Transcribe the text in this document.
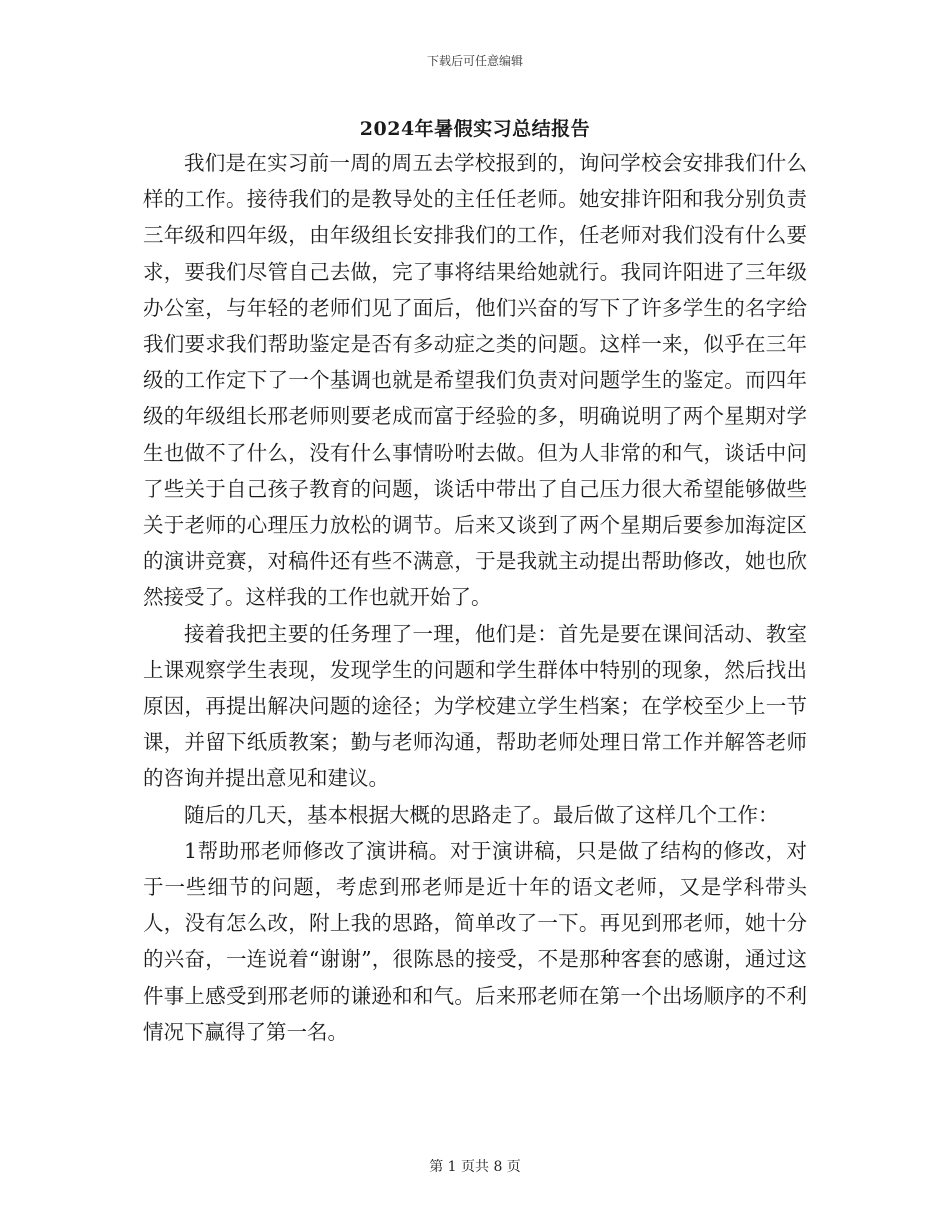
下载后可任意编辑
2024年暑假实习总结报告

我们是在实习前一周的周五去学校报到的，询问学校会安排我们什么样的工作。接待我们的是教导处的主任任老师。她安排许阳和我分别负责三年级和四年级，由年级组长安排我们的工作，任老师对我们没有什么要求，要我们尽管自己去做，完了事将结果给她就行。我同许阳进了三年级办公室，与年轻的老师们见了面后，他们兴奋的写下了许多学生的名字给我们要求我们帮助鉴定是否有多动症之类的问题。这样一来，似乎在三年级的工作定下了一个基调也就是希望我们负责对问题学生的鉴定。而四年级的年级组长邢老师则要老成而富于经验的多，明确说明了两个星期对学生也做不了什么，没有什么事情吩咐去做。但为人非常的和气，谈话中问了些关于自己孩子教育的问题，谈话中带出了自己压力很大希望能够做些关于老师的心理压力放松的调节。后来又谈到了两个星期后要参加海淀区的演讲竞赛，对稿件还有些不满意，于是我就主动提出帮助修改，她也欣然接受了。这样我的工作也就开始了。

接着我把主要的任务理了一理，他们是：首先是要在课间活动、教室上课观察学生表现，发现学生的问题和学生群体中特别的现象，然后找出原因，再提出解决问题的途径；为学校建立学生档案；在学校至少上一节课，并留下纸质教案；勤与老师沟通，帮助老师处理日常工作并解答老师的咨询并提出意见和建议。

随后的几天，基本根据大概的思路走了。最后做了这样几个工作：

1帮助邢老师修改了演讲稿。对于演讲稿，只是做了结构的修改，对于一些细节的问题，考虑到邢老师是近十年的语文老师，又是学科带头人，没有怎么改，附上我的思路，简单改了一下。再见到邢老师，她十分的兴奋，一连说着“谢谢”，很陈恳的接受，不是那种客套的感谢，通过这件事上感受到邢老师的谦逊和和气。后来邢老师在第一个出场顺序的不利情况下赢得了第一名。

第 1 页共 8 页
